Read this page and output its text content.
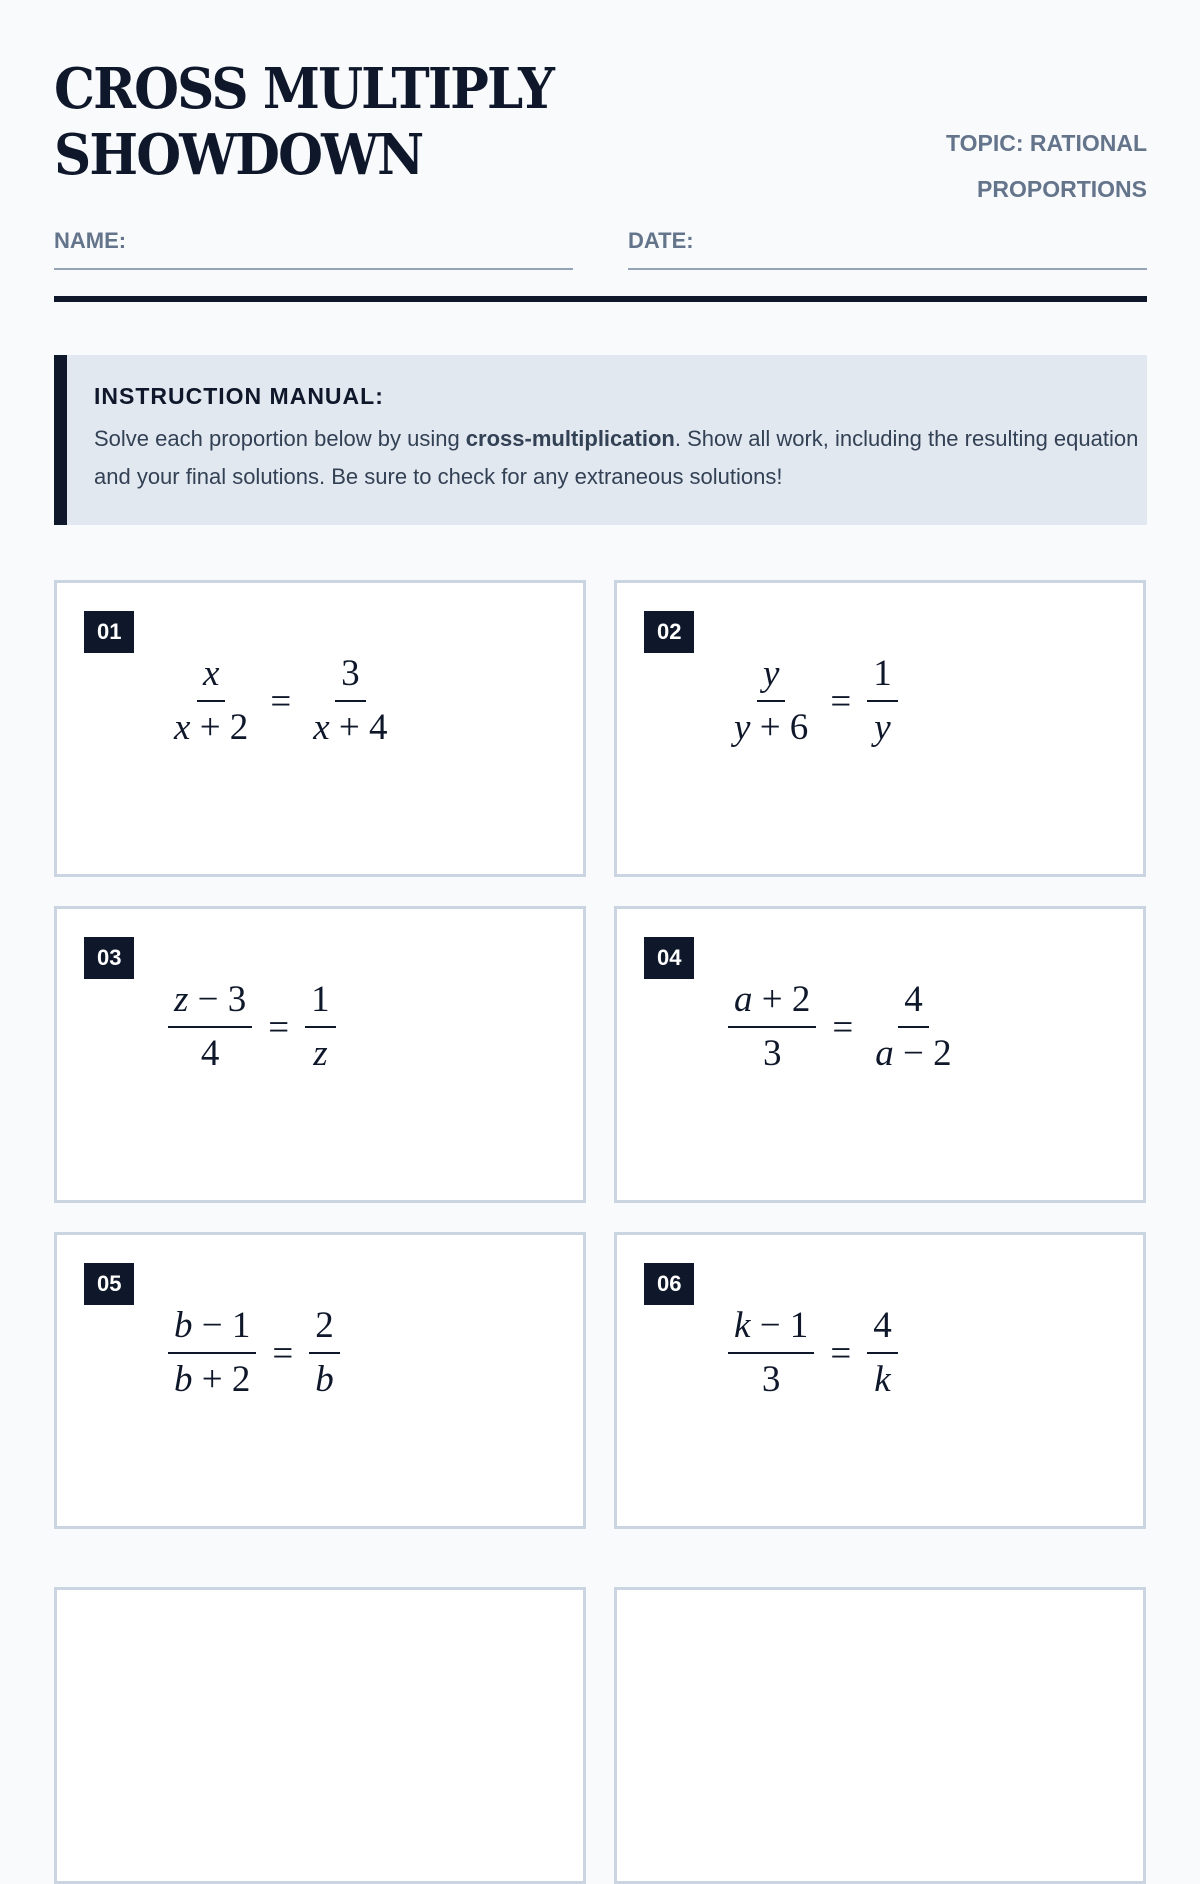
CROSS MULTIPLY
SHOWDOWN	TOPIC: RATIONAL
PROPORTIONS
NAME:	DATE:
INSTRUCTION MANUAL:

Solve each proportion below by using cross-multiplication. Show all work, including the resulting equation and your final solutions. Be sure to check for any extraneous solutions!

01
$\frac{x}{x + 2} = \frac{3}{x + 4}$
02
$\frac{y}{y + 6} = \frac{1}{y}$
03
$\frac{z - 3}{4} = \frac{1}{z}$
04
$\frac{a + 2}{3} = \frac{4}{a - 2}$
05
$\frac{b - 1}{b + 2} = \frac{2}{b}$
06
$\frac{k - 1}{3} = \frac{4}{k}$
